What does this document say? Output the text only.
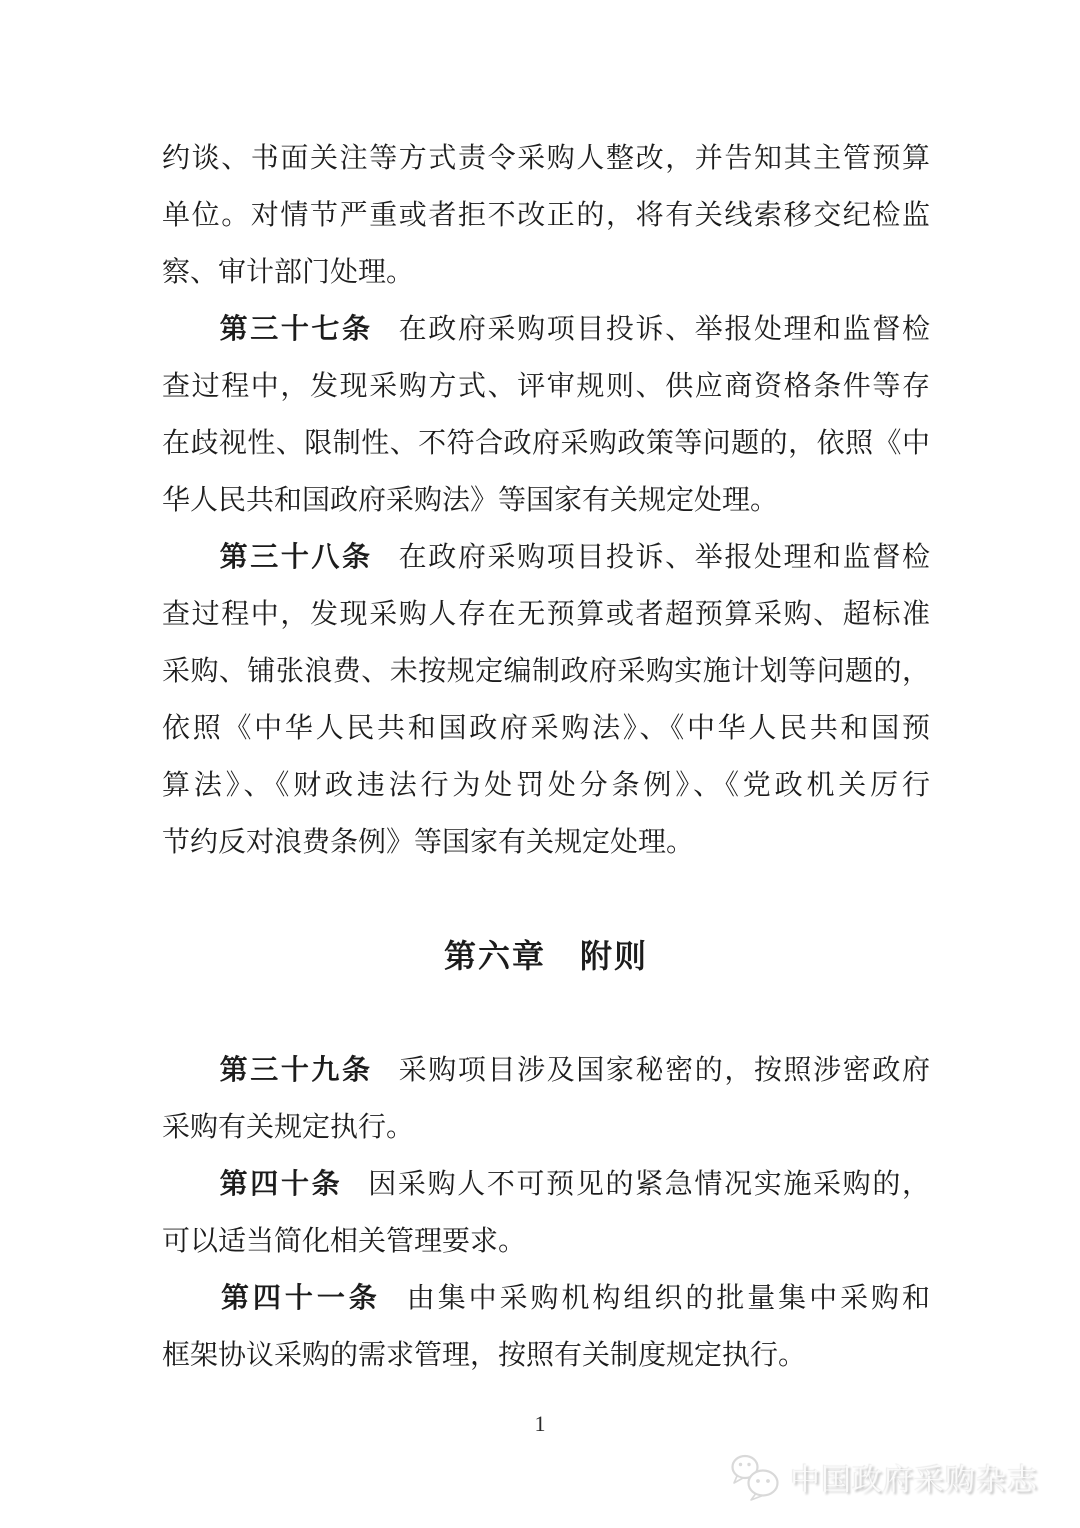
约谈、书面关注等方式责令采购人整改，并告知其主管预算
单位。对情节严重或者拒不改正的，将有关线索移交纪检监
察、审计部门处理。
第三十七条 在政府采购项目投诉、举报处理和监督检
查过程中，发现采购方式、评审规则、供应商资格条件等存
在歧视性、限制性、不符合政府采购政策等问题的，依照《中
华人民共和国政府采购法》等国家有关规定处理。
第三十八条 在政府采购项目投诉、举报处理和监督检
查过程中，发现采购人存在无预算或者超预算采购、超标准
采购、铺张浪费、未按规定编制政府采购实施计划等问题的，
依照《中华人民共和国政府采购法》、《中华人民共和国预
算法》、《财政违法行为处罚处分条例》、《党政机关厉行
节约反对浪费条例》等国家有关规定处理。
第六章　附则
第三十九条 采购项目涉及国家秘密的，按照涉密政府
采购有关规定执行。
第四十条 因采购人不可预见的紧急情况实施采购的，
可以适当简化相关管理要求。
第四十一条 由集中采购机构组织的批量集中采购和
框架协议采购的需求管理，按照有关制度规定执行。
1
中国政府采购杂志
